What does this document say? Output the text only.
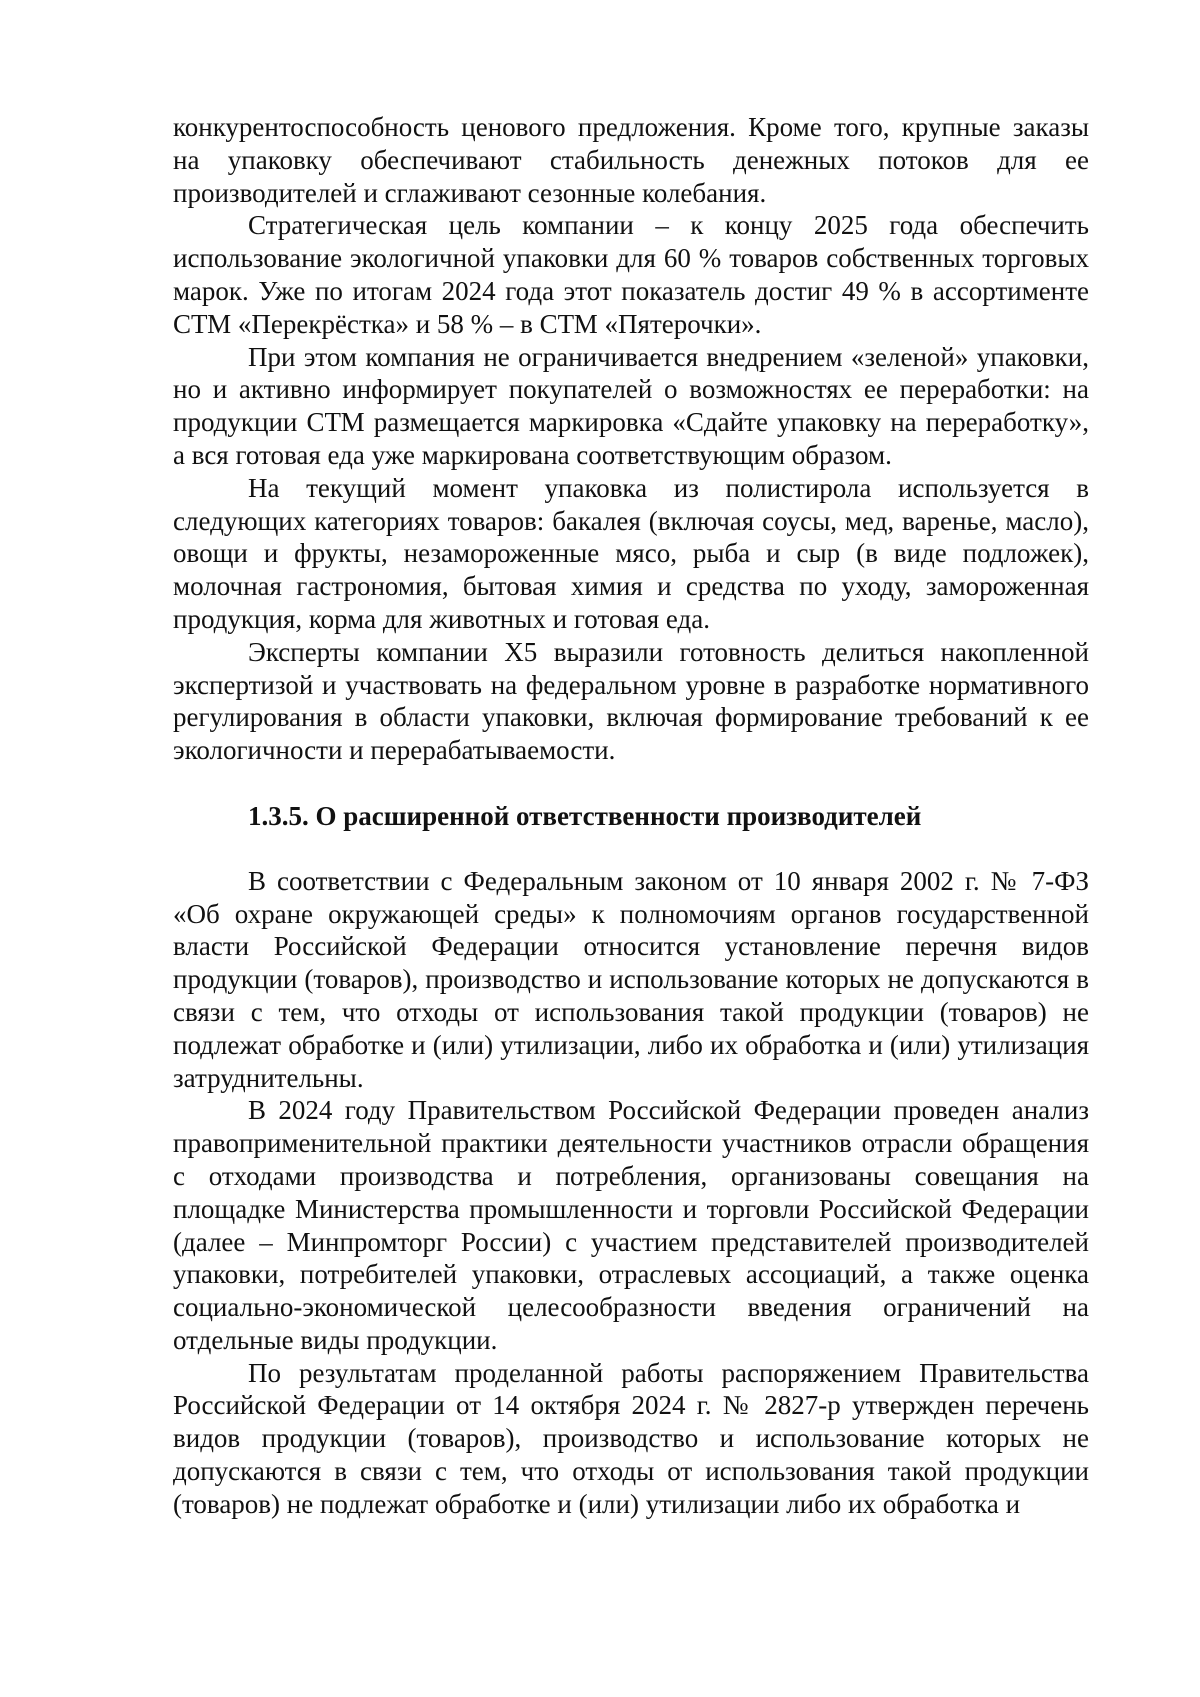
конкурентоспособность ценового предложения. Кроме того, крупные заказы на упаковку обеспечивают стабильность денежных потоков для ее производителей и сглаживают сезонные колебания.

Стратегическая цель компании – к концу 2025 года обеспечить использование экологичной упаковки для 60 % товаров собственных торговых марок. Уже по итогам 2024 года этот показатель достиг 49 % в ассортименте СТМ «Перекрёстка» и 58 % – в СТМ «Пятерочки».

При этом компания не ограничивается внедрением «зеленой» упаковки, но и активно информирует покупателей о возможностях ее переработки: на продукции СТМ размещается маркировка «Сдайте упаковку на переработку», а вся готовая еда уже маркирована соответствующим образом.

На текущий момент упаковка из полистирола используется в следующих категориях товаров: бакалея (включая соусы, мед, варенье, масло), овощи и фрукты, незамороженные мясо, рыба и сыр (в виде подложек), молочная гастрономия, бытовая химия и средства по уходу, замороженная продукция, корма для животных и готовая еда.

Эксперты компании X5 выразили готовность делиться накопленной экспертизой и участвовать на федеральном уровне в разработке нормативного регулирования в области упаковки, включая формирование требований к ее экологичности и перерабатываемости.

1.3.5. О расширенной ответственности производителей

В соответствии с Федеральным законом от 10 января 2002 г. № 7-ФЗ «Об охране окружающей среды» к полномочиям органов государственной власти Российской Федерации относится установление перечня видов продукции (товаров), производство и использование которых не допускаются в связи с тем, что отходы от использования такой продукции (товаров) не подлежат обработке и (или) утилизации, либо их обработка и (или) утилизация затруднительны.

В 2024 году Правительством Российской Федерации проведен анализ правоприменительной практики деятельности участников отрасли обращения с отходами производства и потребления, организованы совещания на площадке Министерства промышленности и торговли Российской Федерации (далее – Минпромторг России) с участием представителей производителей упаковки, потребителей упаковки, отраслевых ассоциаций, а также оценка социально-экономической целесообразности введения ограничений на отдельные виды продукции.

По результатам проделанной работы распоряжением Правительства Российской Федерации от 14 октября 2024 г. № 2827-р утвержден перечень видов продукции (товаров), производство и использование которых не допускаются в связи с тем, что отходы от использования такой продукции (товаров) не подлежат обработке и (или) утилизации либо их обработка и
